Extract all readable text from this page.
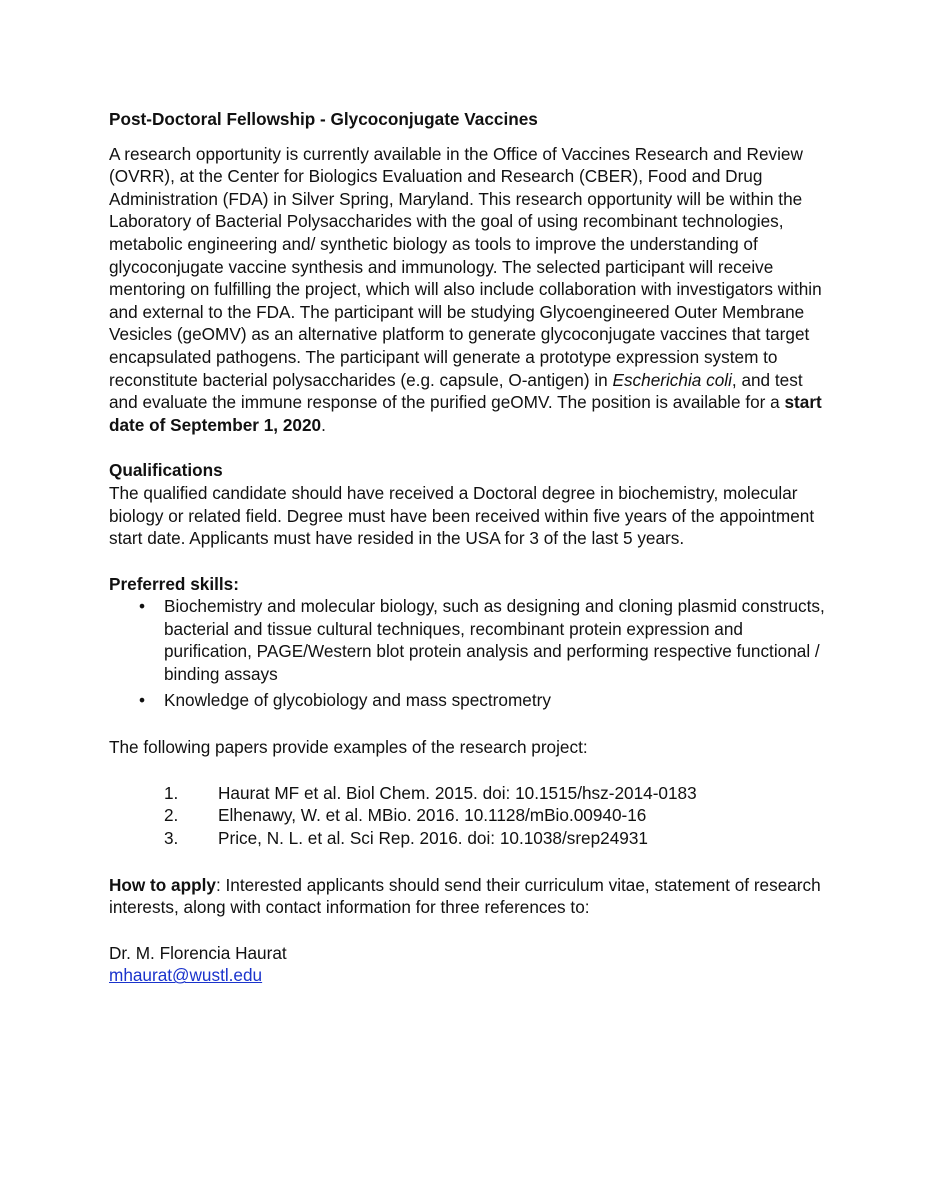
Post-Doctoral Fellowship - Glycoconjugate Vaccines

A research opportunity is currently available in the Office of Vaccines Research and Review (OVRR), at the Center for Biologics Evaluation and Research (CBER), Food and Drug Administration (FDA) in Silver Spring, Maryland. This research opportunity will be within the Laboratory of Bacterial Polysaccharides with the goal of using recombinant technologies, metabolic engineering and/ synthetic biology as tools to improve the understanding of glycoconjugate vaccine synthesis and immunology. The selected participant will receive mentoring on fulfilling the project, which will also include collaboration with investigators within and external to the FDA. The participant will be studying Glycoengineered Outer Membrane Vesicles (geOMV) as an alternative platform to generate glycoconjugate vaccines that target encapsulated pathogens. The participant will generate a prototype expression system to reconstitute bacterial polysaccharides (e.g. capsule, O-antigen) in Escherichia coli, and test and evaluate the immune response of the purified geOMV. The position is available for a start date of September 1, 2020.

Qualifications

The qualified candidate should have received a Doctoral degree in biochemistry, molecular biology or related field. Degree must have been received within five years of the appointment start date. Applicants must have resided in the USA for 3 of the last 5 years.

Preferred skills:

• Biochemistry and molecular biology, such as designing and cloning plasmid constructs, bacterial and tissue cultural techniques, recombinant protein expression and purification, PAGE/Western blot protein analysis and performing respective functional / binding assays
• Knowledge of glycobiology and mass spectrometry

The following papers provide examples of the research project:

1. Haurat MF et al. Biol Chem. 2015. doi: 10.1515/hsz-2014-0183
2. Elhenawy, W. et al. MBio. 2016. 10.1128/mBio.00940-16
3. Price, N. L. et al. Sci Rep. 2016. doi: 10.1038/srep24931

How to apply: Interested applicants should send their curriculum vitae, statement of research interests, along with contact information for three references to:

Dr. M. Florencia Haurat

mhaurat@wustl.edu
